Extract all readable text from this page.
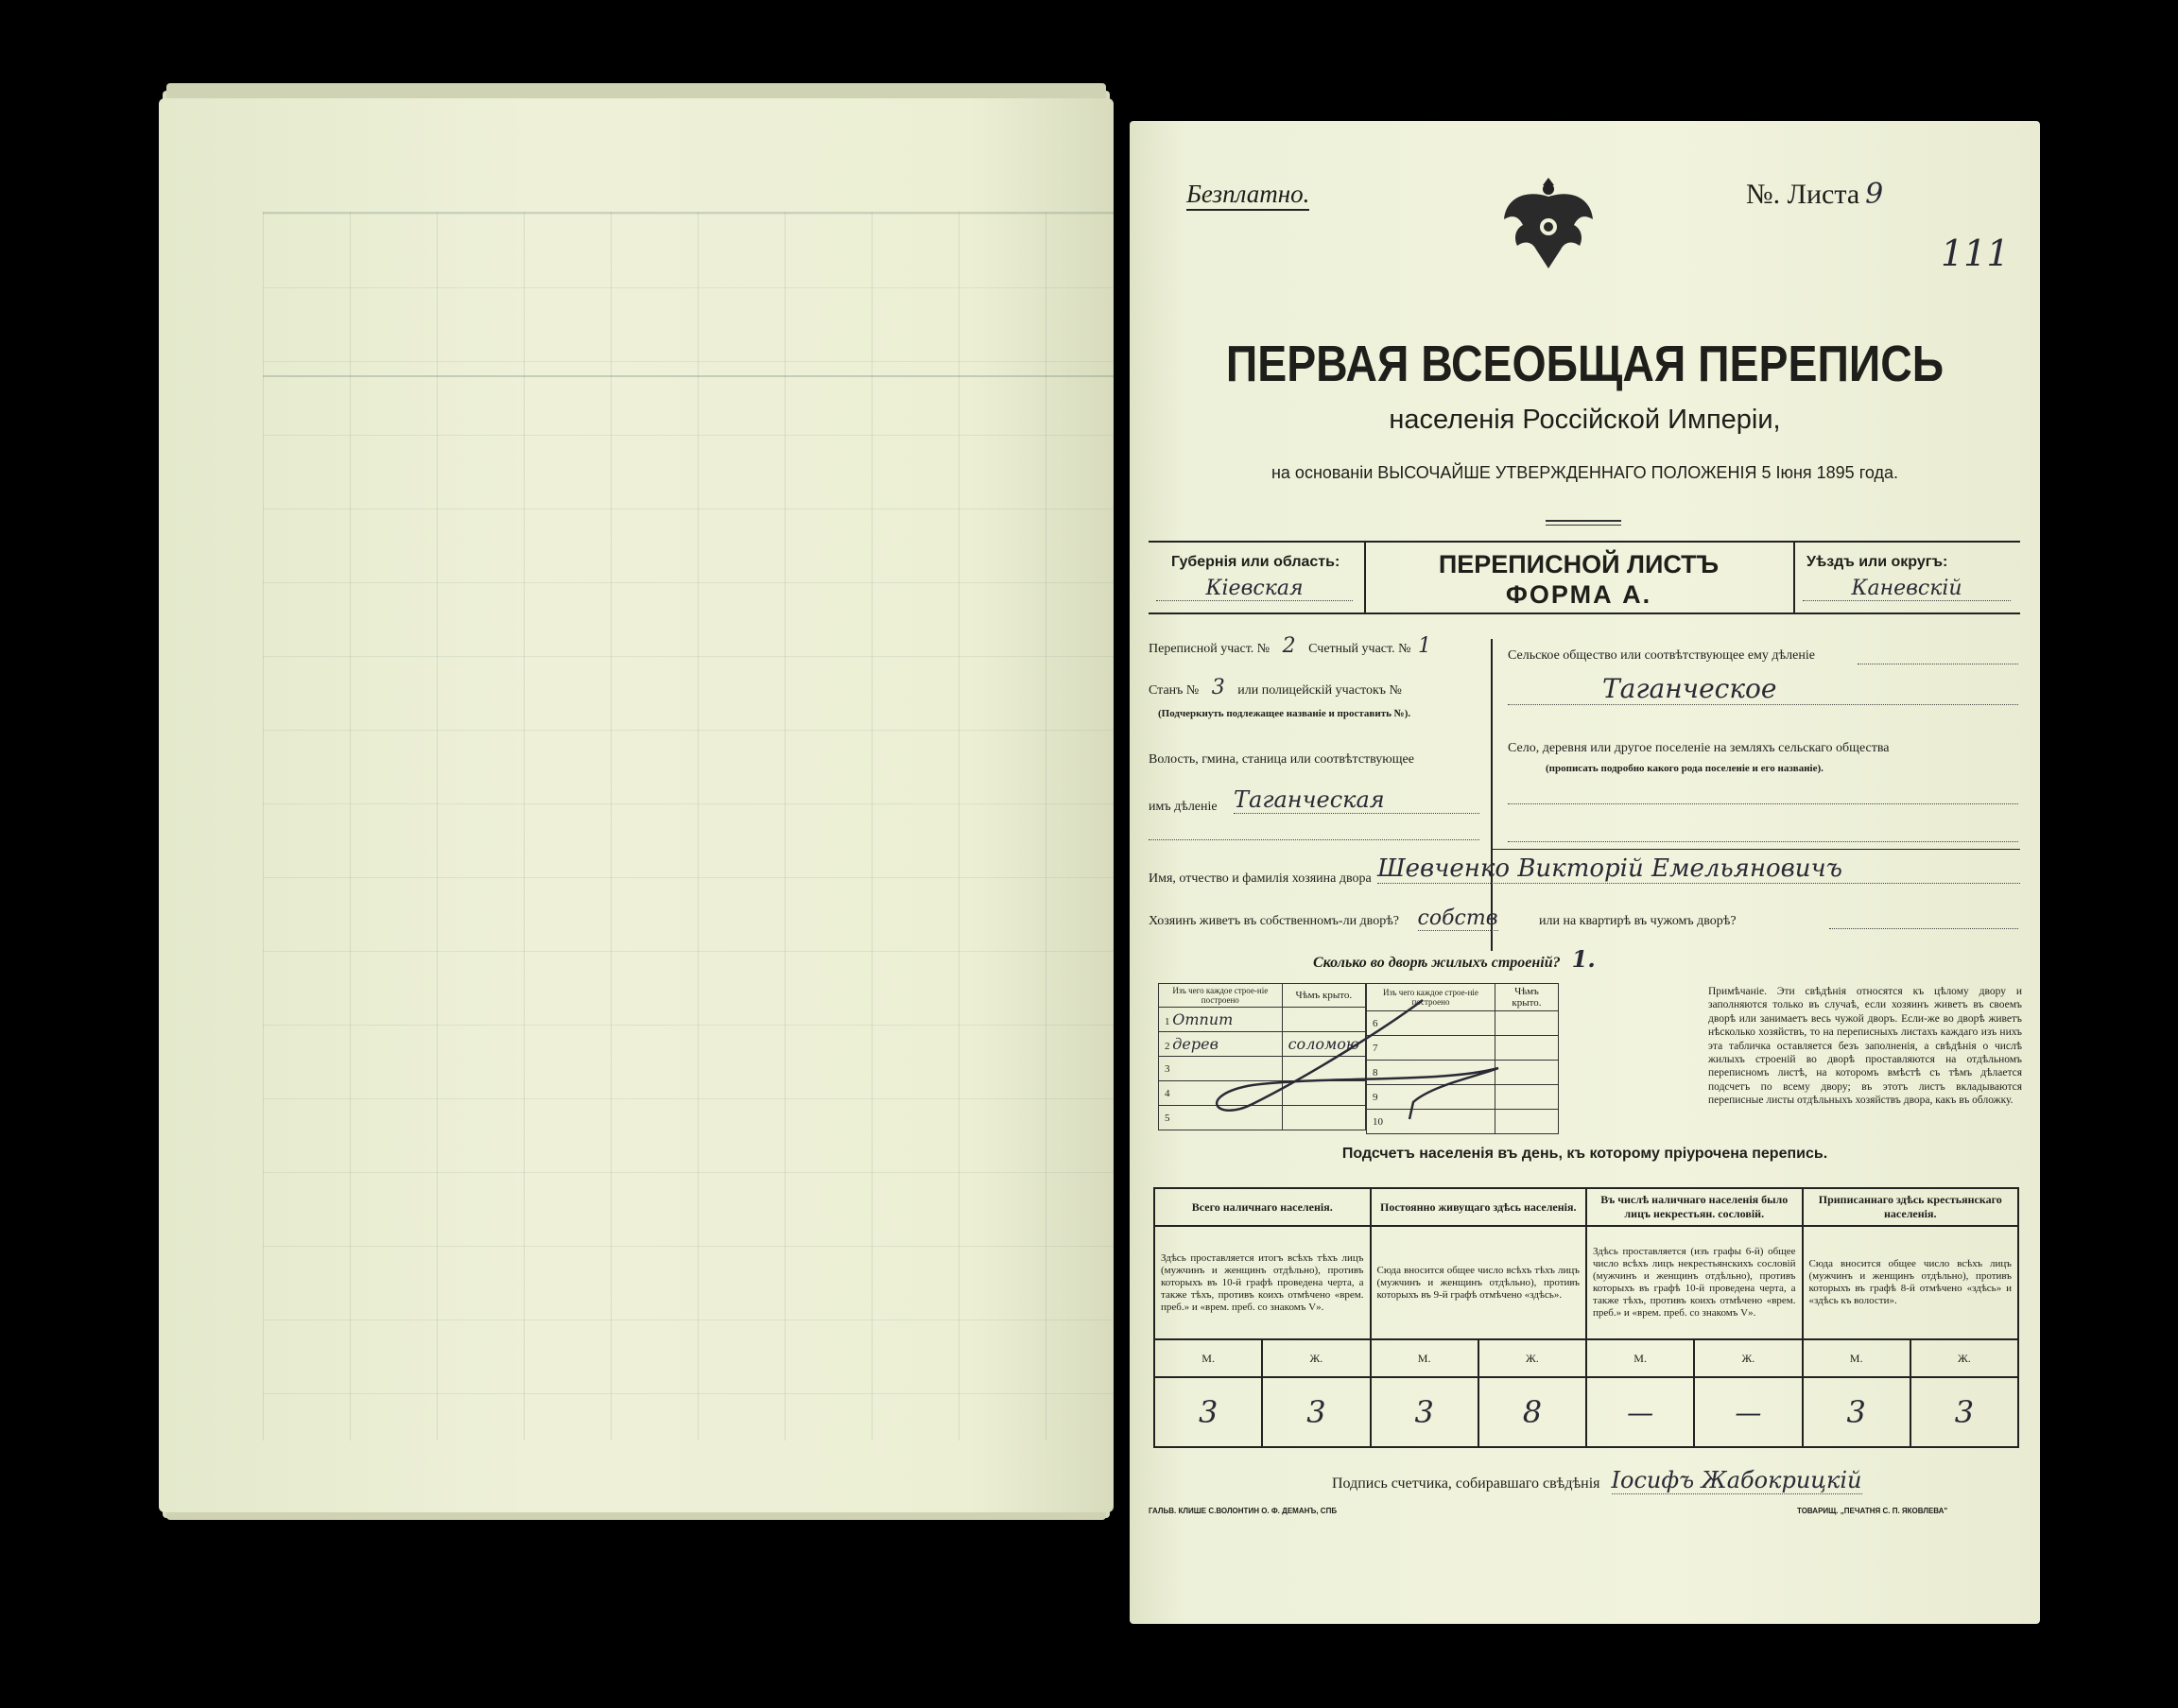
Безплатно.	№. Листа 9
111
ПЕРВАЯ ВСЕОБЩАЯ ПЕРЕПИСЬ
населенія Россійской Имперіи,
на основаніи ВЫСОЧАЙШЕ УТВЕРЖДЕННАГО ПОЛОЖЕНІЯ 5 Іюня 1895 года.
Губернія или область:
Кіевская
ПЕРЕПИСНОЙ ЛИСТЪ
ФОРМА А.
Уѣздъ или округъ:
Каневскій
Переписной участ. № 2 Счетный участ. № 1
Станъ № 3 или полицейскій участокъ №
(Подчеркнуть подлежащее названіе и проставить №).
Волость, гмина, станица или соотвѣтствующее
имъ дѣленіе Таганческая
Сельское общество или соотвѣтствующее ему дѣленіе
Таганческое
Село, деревня или другое поселеніе на земляхъ сельскаго общества
(прописать подробно какого рода поселеніе и его названіе).
Имя, отчество и фамилія хозяина двора Шевченко Викторій Емельяновичъ
Хозяинъ живетъ въ собственномъ-ли дворѣ? собств	или на квартирѣ въ чужомъ дворѣ?
Сколько во дворѣ жилыхъ строеній? 1.
Изъ чего каждое строе-ніе построено	Чѣмъ крыто.
1 Отпит	
2 дерев	соломою
3	
4	
5	
Изъ чего каждое строе-ніе построено	Чѣмъ крыто.
6	
7	
8	
9	
10	
Примѣчаніе. Эти свѣдѣнія относятся къ цѣлому двору и заполняются только въ случаѣ, если хозяинъ живетъ въ своемъ дворѣ или занимаетъ весь чужой дворъ. Если-же во дворѣ живетъ нѣсколько хозяйствъ, то на переписныхъ листахъ каждаго изъ нихъ эта табличка оставляется безъ заполненія, а свѣдѣнія о числѣ жилыхъ строеній во дворѣ проставляются на отдѣльномъ переписномъ листѣ, на которомъ вмѣстѣ съ тѣмъ дѣлается подсчетъ по всему двору; въ этотъ листъ вкладываются переписные листы отдѣльныхъ хозяйствъ двора, какъ въ обложку.
Подсчетъ населенія въ день, къ которому пріурочена перепись.
Всего наличнаго населенія.		Постоянно живущаго здѣсь населенія.		Въ числѣ наличнаго населенія было лицъ некрестьян. сословій.		Приписаннаго здѣсь крестьянскаго населенія.	
Здѣсь проставляется итогъ всѣхъ тѣхъ лицъ (мужчинъ и женщинъ отдѣльно), противъ которыхъ въ 10-й графѣ проведена черта, а также тѣхъ, противъ коихъ отмѣчено «врем. преб.» и «врем. преб. со знакомъ V».		Сюда вносится общее число всѣхъ тѣхъ лицъ (мужчинъ и женщинъ отдѣльно), противъ которыхъ въ 9-й графѣ отмѣчено «здѣсь».		Здѣсь проставляется (изъ графы 6-й) общее число всѣхъ лицъ некрестьянскихъ сословій (мужчинъ и женщинъ отдѣльно), противъ которыхъ въ графѣ 10-й проведена черта, а также тѣхъ, противъ коихъ отмѣчено «врем. преб.» и «врем. преб. со знакомъ V».		Сюда вносится общее число всѣхъ лицъ (мужчинъ и женщинъ отдѣльно), противъ которыхъ въ графѣ 8-й отмѣчено «здѣсь» и «здѣсь къ волости».	
М.	Ж.	М.	Ж.	М.	Ж.	М.	Ж.
3	3	3	8	—	—	3	3
Подпись счетчика, собиравшаго свѣдѣнія Іосифъ Жабокрицкій
ГАЛЬВ. КЛИШЕ С.ВОЛОНТИН О. Ф. ДЕМАНЪ, СПБ	ТОВАРИЩ. „ПЕЧАТНЯ С. П. ЯКОВЛЕВА"
